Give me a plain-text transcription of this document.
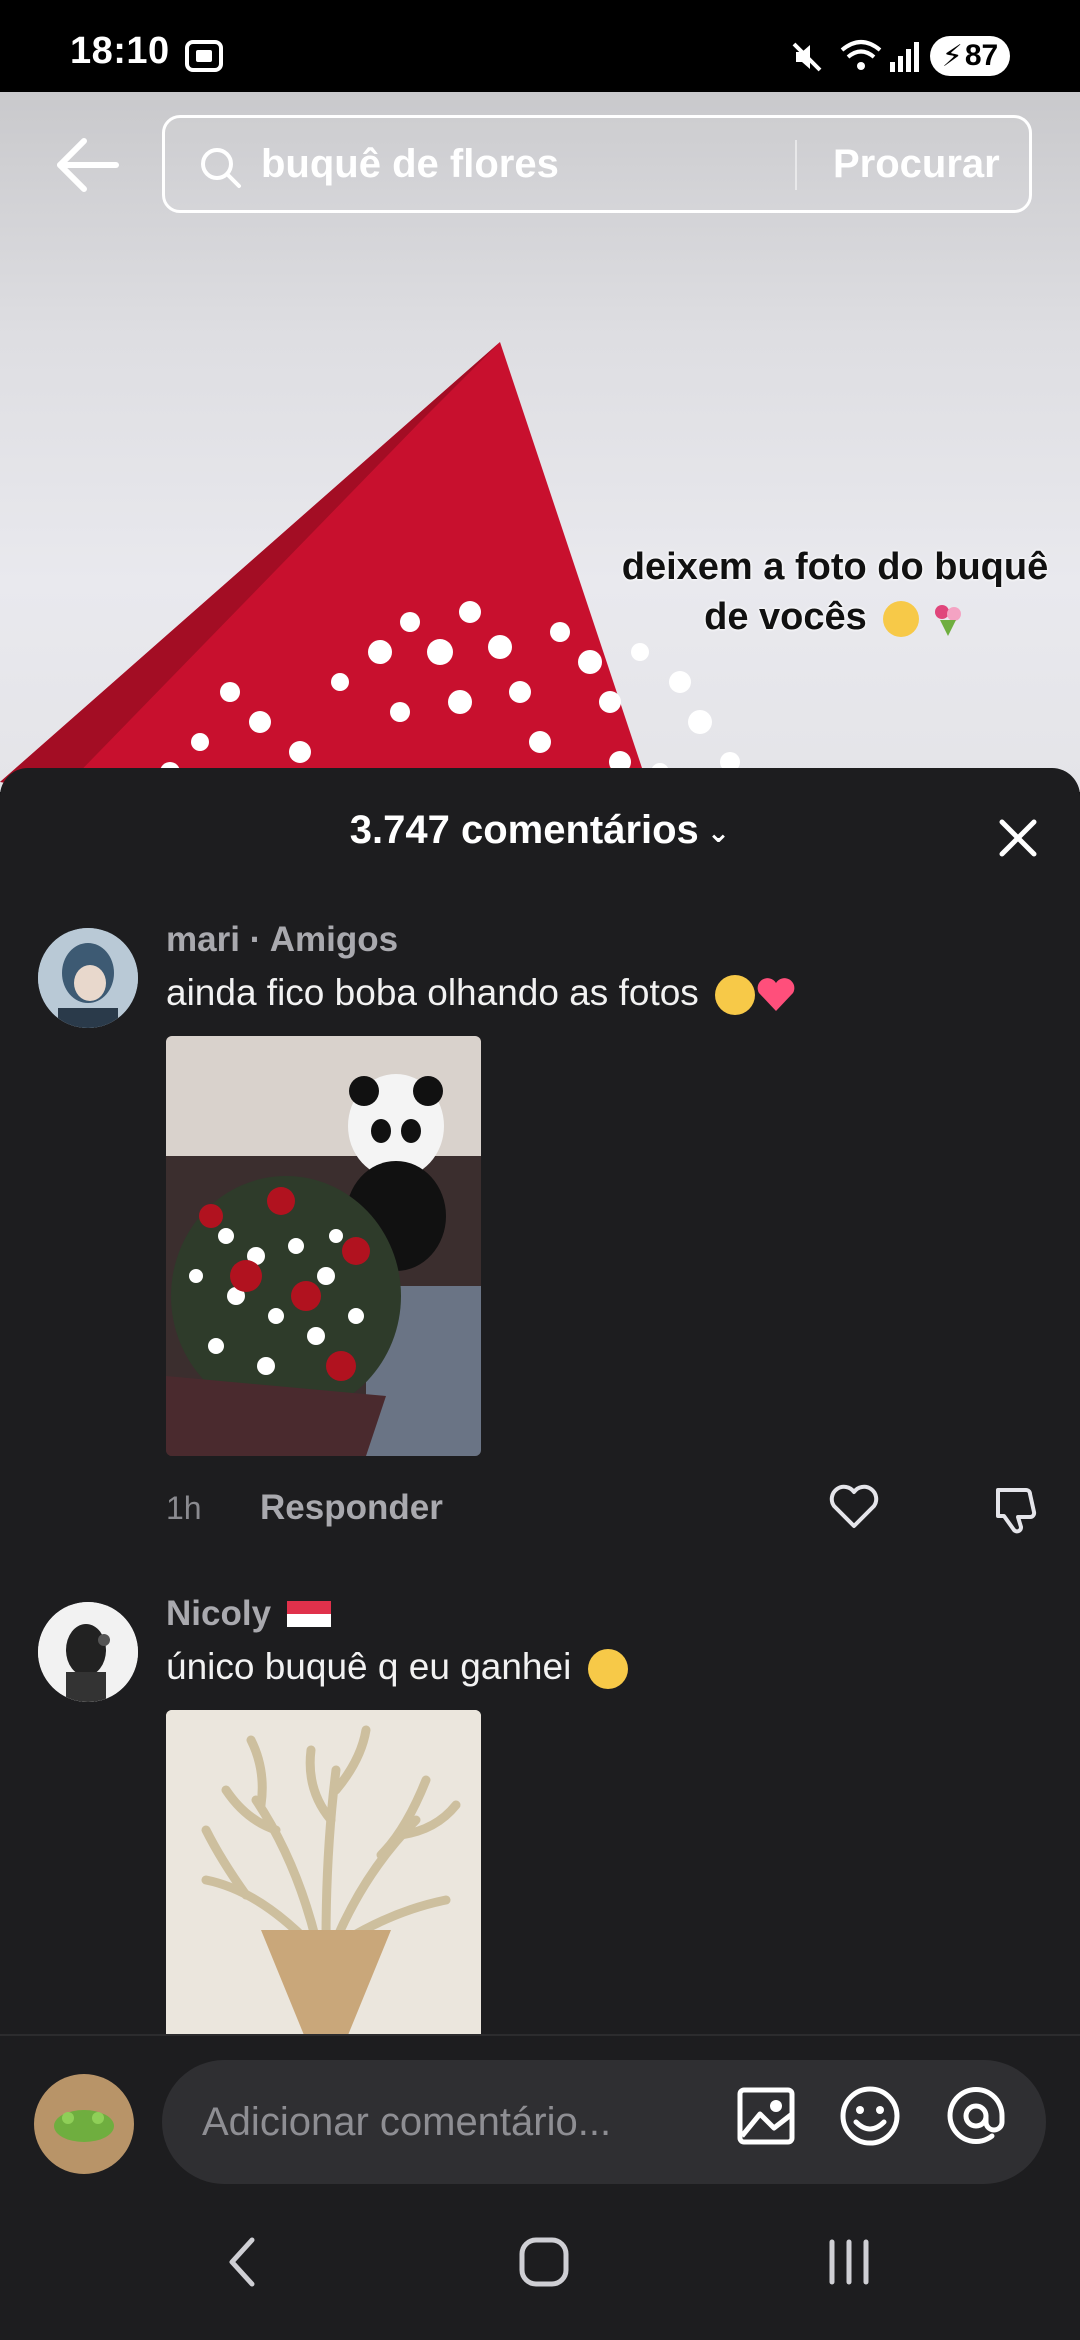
18:10	⚡ 87
deixem a foto do buquê
de vocês
buquê de flores	Procurar
3.747 comentários ⌄
mari · Amigos
ainda fico boba olhando as fotos
1h Responder
Nicoly
único buquê q eu ganhei
Adicionar comentário...
